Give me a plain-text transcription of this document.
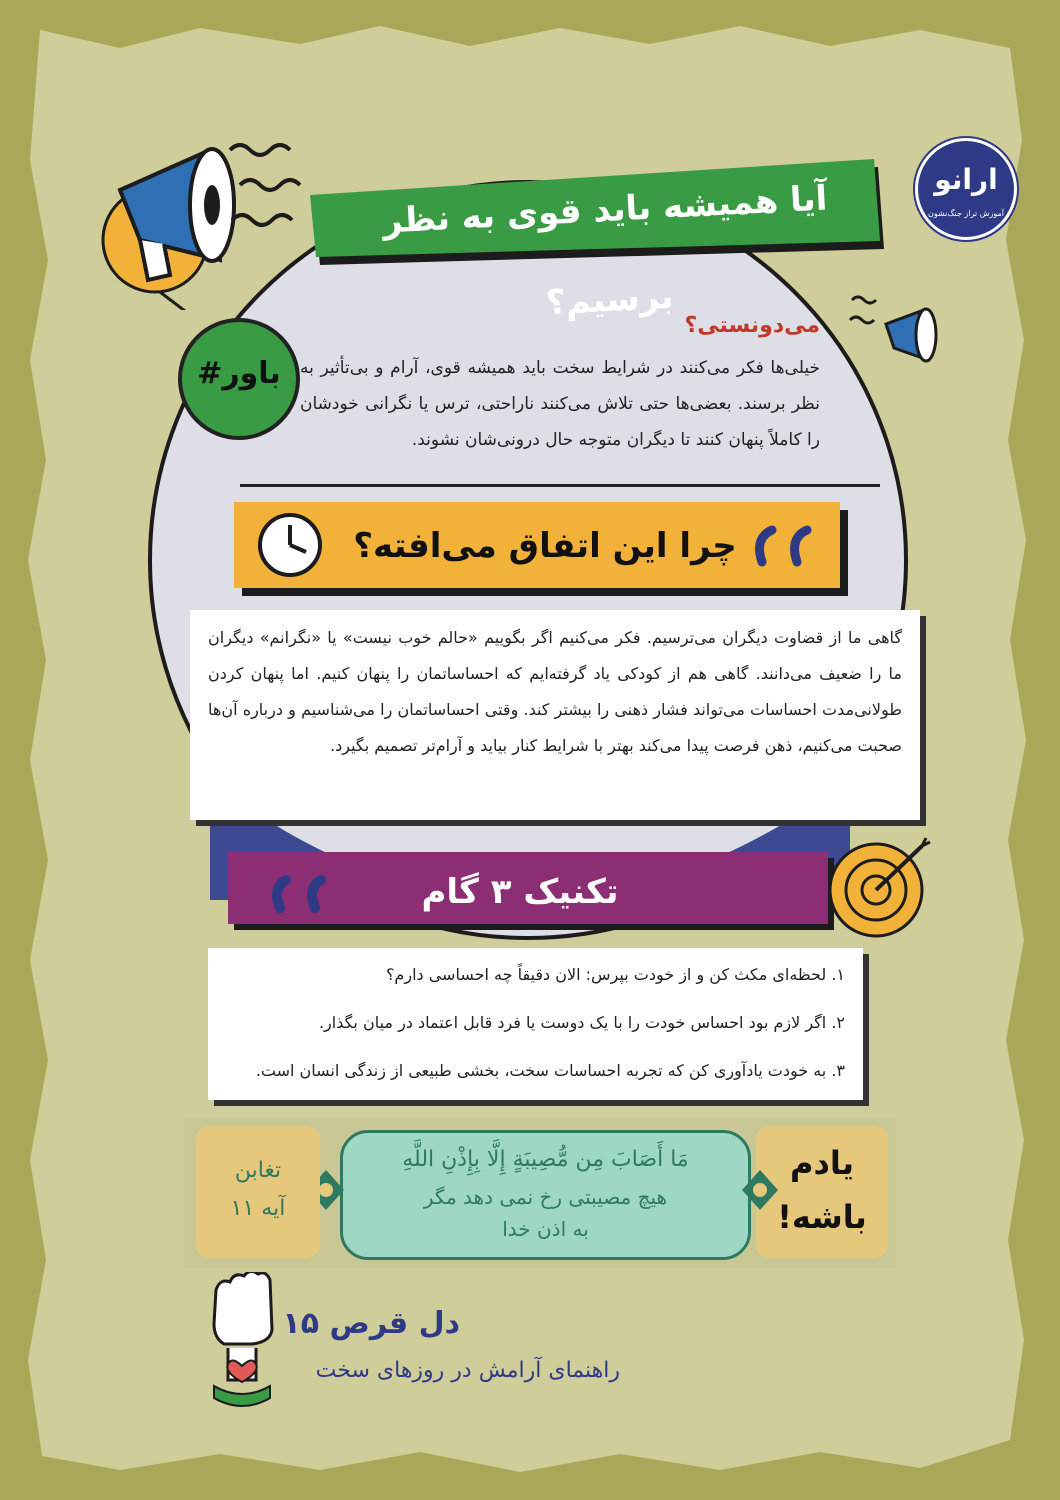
آیا همیشه باید قوی به نظر برسیم؟
ارانو
آموزش تراز جنگ‌نشون
#باور
می‌دونستی؟
خیلی‌ها فکر می‌کنند در شرایط سخت باید همیشه قوی، آرام و بی‌تأثیر به نظر برسند. بعضی‌ها حتی تلاش می‌کنند ناراحتی، ترس یا نگرانی خودشان را کاملاً پنهان کنند تا دیگران متوجه حال درونی‌شان نشوند.
چرا این اتفاق می‌افته؟
گاهی ما از قضاوت دیگران می‌ترسیم. فکر می‌کنیم اگر بگوییم «حالم خوب نیست» یا «نگرانم» دیگران ما را ضعیف می‌دانند. گاهی هم از کودکی یاد گرفته‌ایم که احساساتمان را پنهان کنیم. اما پنهان کردن طولانی‌مدت احساسات می‌تواند فشار ذهنی را بیشتر کند. وقتی احساساتمان را می‌شناسیم و درباره آن‌ها صحبت می‌کنیم، ذهن فرصت پیدا می‌کند بهتر با شرایط کنار بیاید و آرام‌تر تصمیم بگیرد.
تکنیک ۳ گام
۱. لحظه‌ای مکث کن و از خودت بپرس: الان دقیقاً چه احساسی دارم؟
۲. اگر لازم بود احساس خودت را با یک دوست یا فرد قابل اعتماد در میان بگذار.
۳. به خودت یادآوری کن که تجربه احساسات سخت، بخشی طبیعی از زندگی انسان است.
یادم
باشه!
مَا أَصَابَ مِن مُّصِيبَةٍ إِلَّا بِإِذْنِ اللَّهِ
هیچ مصیبتی رخ نمی دهد مگر
به اذن خدا
تغابن
آیه ۱۱
دل قرص ۱۵
راهنمای آرامش در روزهای سخت
